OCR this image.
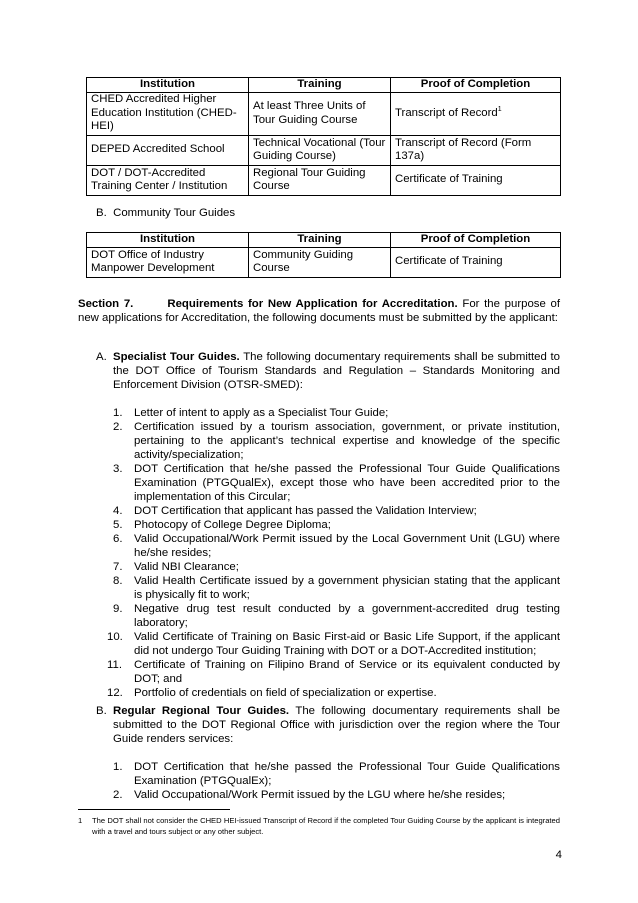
Institution	Training	Proof of Completion
CHED Accredited Higher Education Institution (CHED-HEI)	At least Three Units of Tour Guiding Course	Transcript of Record$^1$
DEPED Accredited School	Technical Vocational (Tour Guiding Course)	Transcript of Record (Form 137a)
DOT / DOT-Accredited Training Center / Institution	Regional Tour Guiding Course	Certificate of Training
B. Community Tour Guides
Institution	Training	Proof of Completion
DOT Office of Industry Manpower Development	Community Guiding Course	Certificate of Training
Section 7.	Requirements for New Application for Accreditation. For the purpose of new applications for Accreditation, the following documents must be submitted by the applicant:
A. Specialist Tour Guides. The following documentary requirements shall be submitted to the DOT Office of Tourism Standards and Regulation – Standards Monitoring and Enforcement Division (OTSR-SMED):
1.	Letter of intent to apply as a Specialist Tour Guide;
2.	Certification issued by a tourism association, government, or private institution, pertaining to the applicant’s technical expertise and knowledge of the specific activity/specialization;
3.	DOT Certification that he/she passed the Professional Tour Guide Qualifications Examination (PTGQualEx), except those who have been accredited prior to the implementation of this Circular;
4.	DOT Certification that applicant has passed the Validation Interview;
5.	Photocopy of College Degree Diploma;
6.	Valid Occupational/Work Permit issued by the Local Government Unit (LGU) where he/she resides;
7.	Valid NBI Clearance;
8.	Valid Health Certificate issued by a government physician stating that the applicant is physically fit to work;
9.	Negative drug test result conducted by a government-accredited drug testing laboratory;
10. Valid Certificate of Training on Basic First-aid or Basic Life Support, if the applicant did not undergo Tour Guiding Training with DOT or a DOT-Accredited institution;
11. Certificate of Training on Filipino Brand of Service or its equivalent conducted by DOT; and
12. Portfolio of credentials on field of specialization or expertise.
B. Regular Regional Tour Guides. The following documentary requirements shall be submitted to the DOT Regional Office with jurisdiction over the region where the Tour Guide renders services:
1.	DOT Certification that he/she passed the Professional Tour Guide Qualifications Examination (PTGQualEx);
2.	Valid Occupational/Work Permit issued by the LGU where he/she resides;
1 The DOT shall not consider the CHED HEI-issued Transcript of Record if the completed Tour Guiding Course by the applicant is integrated with a travel and tours subject or any other subject.
4
